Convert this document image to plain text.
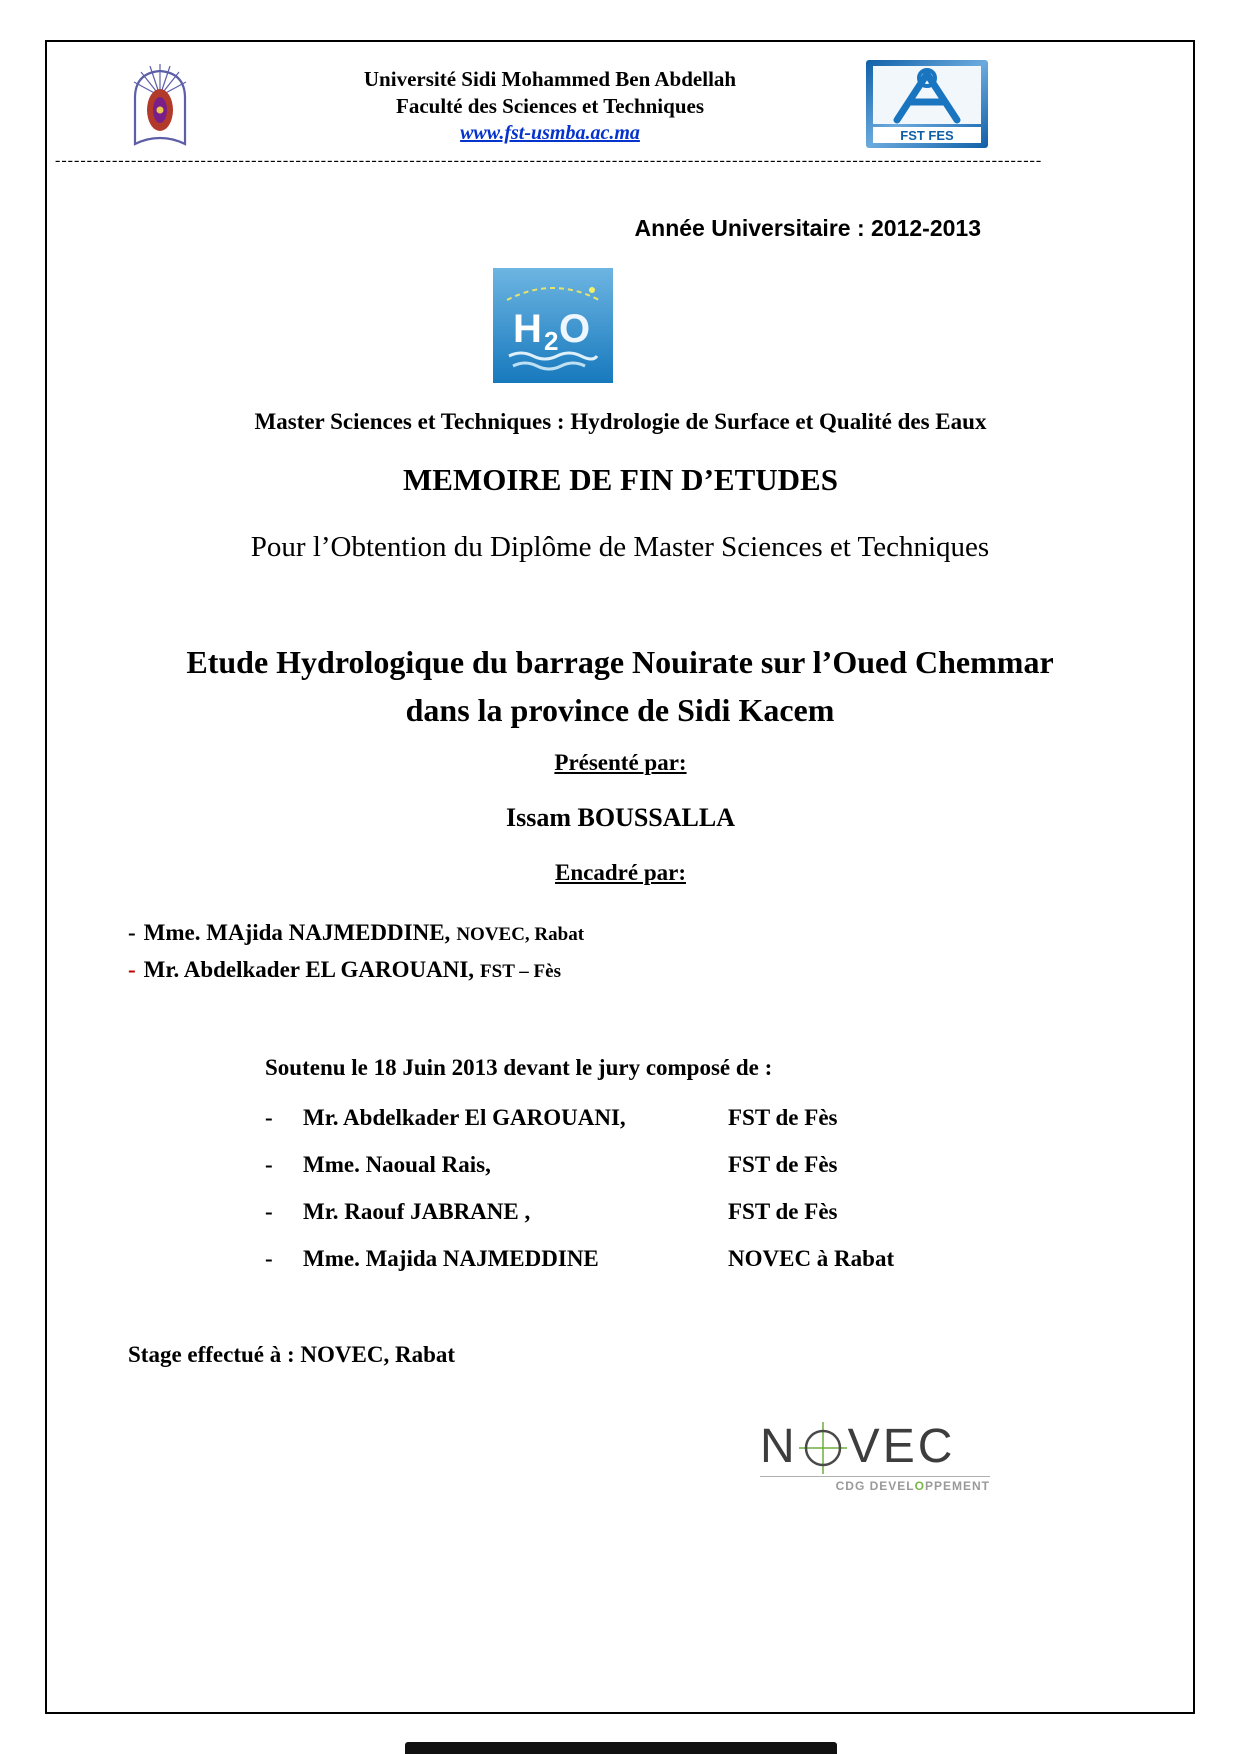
Université Sidi Mohammed Ben Abdellah
Faculté des Sciences et Techniques
www.fst-usmba.ac.ma	FST FES
------------------------------------------------------------------------------------------------------------------------------------------------------------
Année Universitaire : 2012-2013
H 2 O
Master Sciences et Techniques : Hydrologie de Surface et Qualité des Eaux
MEMOIRE DE FIN D’ETUDES
Pour l’Obtention du Diplôme de Master Sciences et Techniques
Etude Hydrologique du barrage Nouirate sur l’Oued Chemmar dans la province de Sidi Kacem
Présenté par:
Issam BOUSSALLA
Encadré par:
- Mme. MAjida NAJMEDDINE, NOVEC, Rabat
- Mr. Abdelkader EL GAROUANI, FST – Fès
Soutenu le 18 Juin 2013 devant le jury composé de :
-	Mr. Abdelkader El GAROUANI,	FST de Fès
-	Mme. Naoual Rais,	FST de Fès
-	Mr. Raouf JABRANE ,	FST de Fès
-	Mme. Majida NAJMEDDINE	NOVEC à Rabat
Stage effectué à : NOVEC, Rabat
N VEC
CDG DEVELOPPEMENT
